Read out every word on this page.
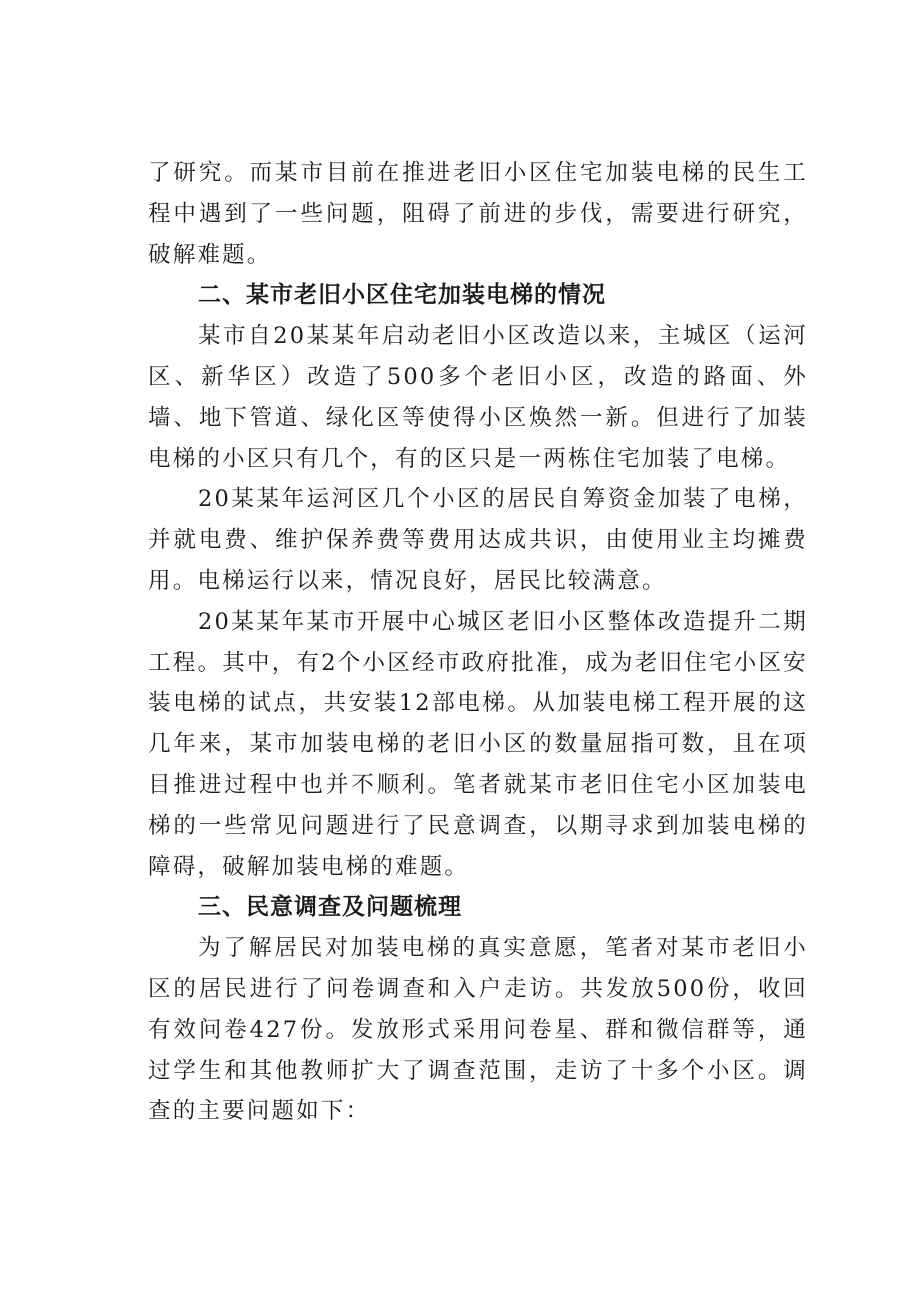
了研究。而某市目前在推进老旧小区住宅加装电梯的民生工程中遇到了一些问题，阻碍了前进的步伐，需要进行研究，破解难题。

二、某市老旧小区住宅加装电梯的情况

某市自20某某年启动老旧小区改造以来，主城区（运河区、新华区）改造了500多个老旧小区，改造的路面、外墙、地下管道、绿化区等使得小区焕然一新。但进行了加装电梯的小区只有几个，有的区只是一两栋住宅加装了电梯。

20某某年运河区几个小区的居民自筹资金加装了电梯，并就电费、维护保养费等费用达成共识，由使用业主均摊费用。电梯运行以来，情况良好，居民比较满意。

20某某年某市开展中心城区老旧小区整体改造提升二期工程。其中，有2个小区经市政府批准，成为老旧住宅小区安装电梯的试点，共安装12部电梯。从加装电梯工程开展的这几年来，某市加装电梯的老旧小区的数量屈指可数，且在项目推进过程中也并不顺利。笔者就某市老旧住宅小区加装电梯的一些常见问题进行了民意调查，以期寻求到加装电梯的障碍，破解加装电梯的难题。

三、民意调查及问题梳理

为了解居民对加装电梯的真实意愿，笔者对某市老旧小区的居民进行了问卷调查和入户走访。共发放500份，收回有效问卷427份。发放形式采用问卷星、群和微信群等，通过学生和其他教师扩大了调查范围，走访了十多个小区。调查的主要问题如下：
